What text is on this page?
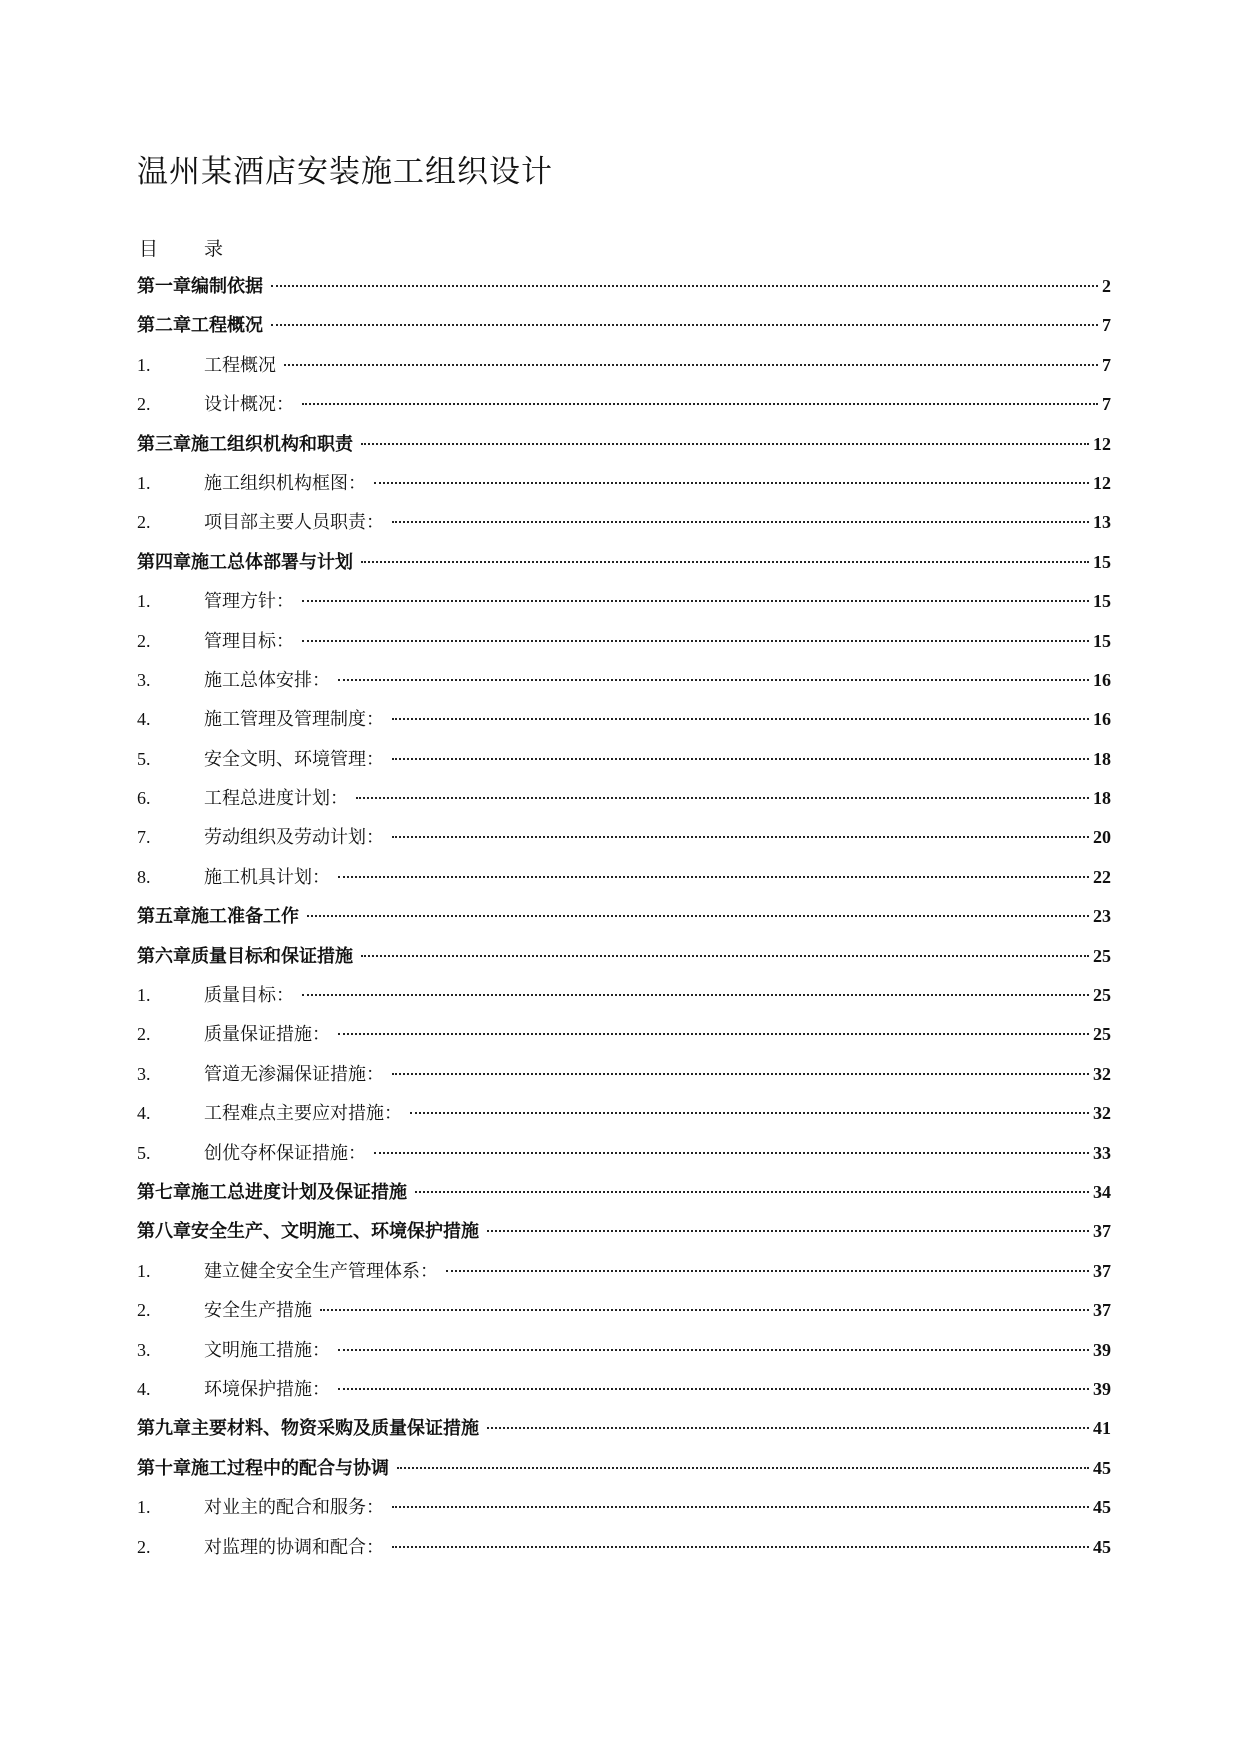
温州某酒店安装施工组织设计
目 录
第一章编制依据	2
第二章工程概况	7
1.	工程概况	7
2.	设计概况：	7
第三章施工组织机构和职责	12
1.	施工组织机构框图：	12
2.	项目部主要人员职责：	13
第四章施工总体部署与计划	15
1.	管理方针：	15
2.	管理目标：	15
3.	施工总体安排：	16
4.	施工管理及管理制度：	16
5.	安全文明、环境管理：	18
6.	工程总进度计划：	18
7.	劳动组织及劳动计划：	20
8.	施工机具计划：	22
第五章施工准备工作	23
第六章质量目标和保证措施	25
1.	质量目标：	25
2.	质量保证措施：	25
3.	管道无渗漏保证措施：	32
4.	工程难点主要应对措施：	32
5.	创优夺杯保证措施：	33
第七章施工总进度计划及保证措施	34
第八章安全生产、文明施工、环境保护措施	37
1.	建立健全安全生产管理体系：	37
2.	安全生产措施	37
3.	文明施工措施：	39
4.	环境保护措施：	39
第九章主要材料、物资采购及质量保证措施	41
第十章施工过程中的配合与协调	45
1.	对业主的配合和服务：	45
2.	对监理的协调和配合：	45
